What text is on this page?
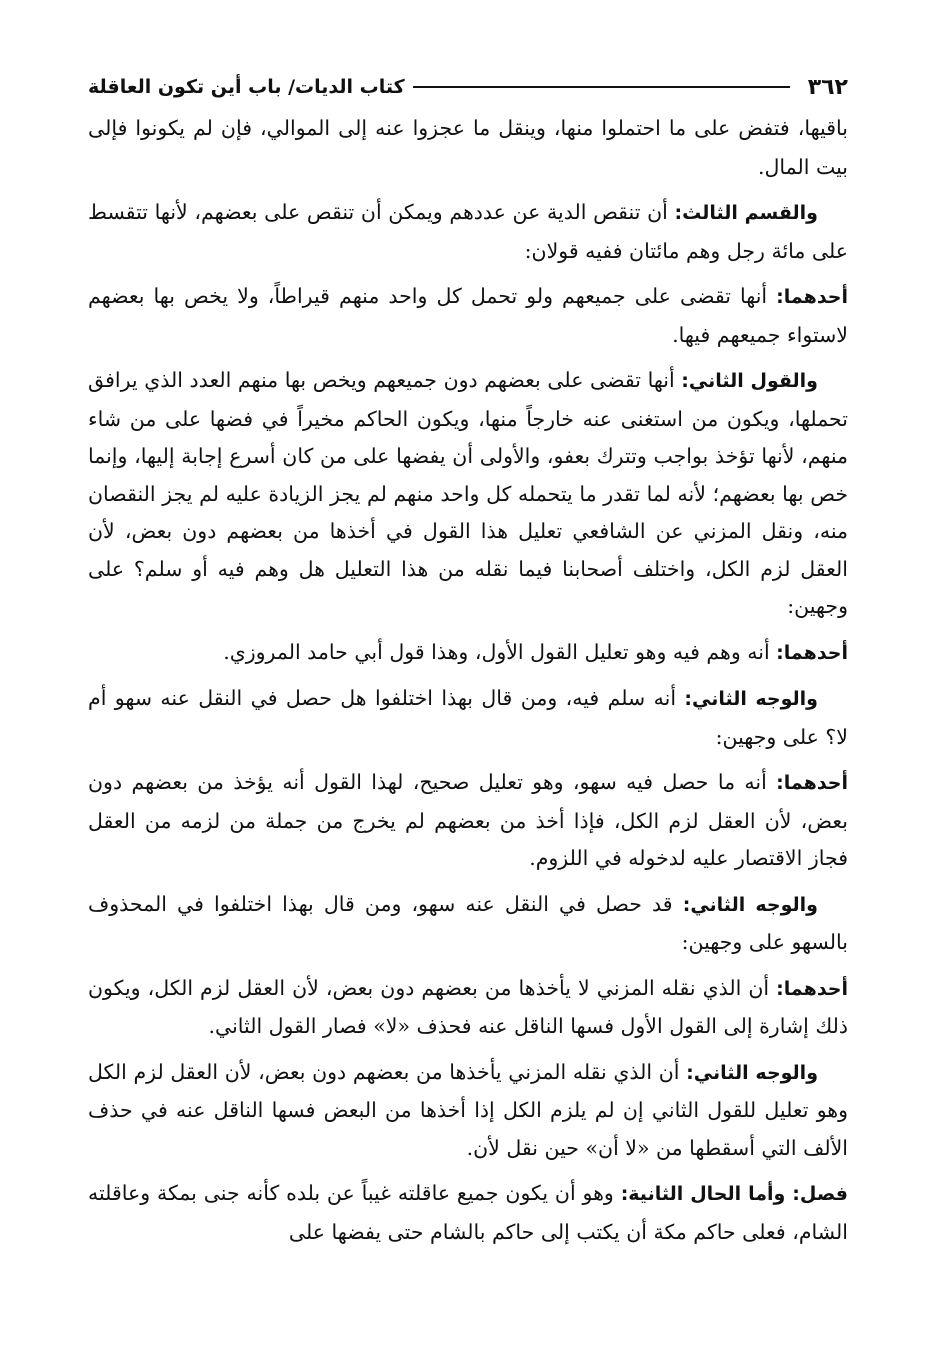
٣٦٢
كتاب الديات/ باب أين تكون العاقلة

باقيها، فتفض على ما احتملوا منها، وينقل ما عجزوا عنه إلى الموالي، فإن لم يكونوا فإلى بيت المال.

والقسم الثالث: أن تنقص الدية عن عددهم ويمكن أن تنقص على بعضهم، لأنها تتقسط على مائة رجل وهم مائتان ففيه قولان:

أحدهما: أنها تقضى على جميعهم ولو تحمل كل واحد منهم قيراطاً، ولا يخص بها بعضهم لاستواء جميعهم فيها.

والقول الثاني: أنها تقضى على بعضهم دون جميعهم ويخص بها منهم العدد الذي يرافق تحملها، ويكون من استغنى عنه خارجاً منها، ويكون الحاكم مخيراً في فضها على من شاء منهم، لأنها تؤخذ بواجب وتترك بعفو، والأولى أن يفضها على من كان أسرع إجابة إليها، وإنما خص بها بعضهم؛ لأنه لما تقدر ما يتحمله كل واحد منهم لم يجز الزيادة عليه لم يجز النقصان منه، ونقل المزني عن الشافعي تعليل هذا القول في أخذها من بعضهم دون بعض، لأن العقل لزم الكل، واختلف أصحابنا فيما نقله من هذا التعليل هل وهم فيه أو سلم؟ على وجهين:

أحدهما: أنه وهم فيه وهو تعليل القول الأول، وهذا قول أبي حامد المروزي.

والوجه الثاني: أنه سلم فيه، ومن قال بهذا اختلفوا هل حصل في النقل عنه سهو أم لا؟ على وجهين:

أحدهما: أنه ما حصل فيه سهو، وهو تعليل صحيح، لهذا القول أنه يؤخذ من بعضهم دون بعض، لأن العقل لزم الكل، فإذا أخذ من بعضهم لم يخرج من جملة من لزمه من العقل فجاز الاقتصار عليه لدخوله في اللزوم.

والوجه الثاني: قد حصل في النقل عنه سهو، ومن قال بهذا اختلفوا في المحذوف بالسهو على وجهين:

أحدهما: أن الذي نقله المزني لا يأخذها من بعضهم دون بعض، لأن العقل لزم الكل، ويكون ذلك إشارة إلى القول الأول فسها الناقل عنه فحذف «لا» فصار القول الثاني.

والوجه الثاني: أن الذي نقله المزني يأخذها من بعضهم دون بعض، لأن العقل لزم الكل وهو تعليل للقول الثاني إن لم يلزم الكل إذا أخذها من البعض فسها الناقل عنه في حذف الألف التي أسقطها من «لا أن» حين نقل لأن.

فصل: وأما الحال الثانية: وهو أن يكون جميع عاقلته غيباً عن بلده كأنه جنى بمكة وعاقلته الشام، فعلى حاكم مكة أن يكتب إلى حاكم بالشام حتى يفضها على
